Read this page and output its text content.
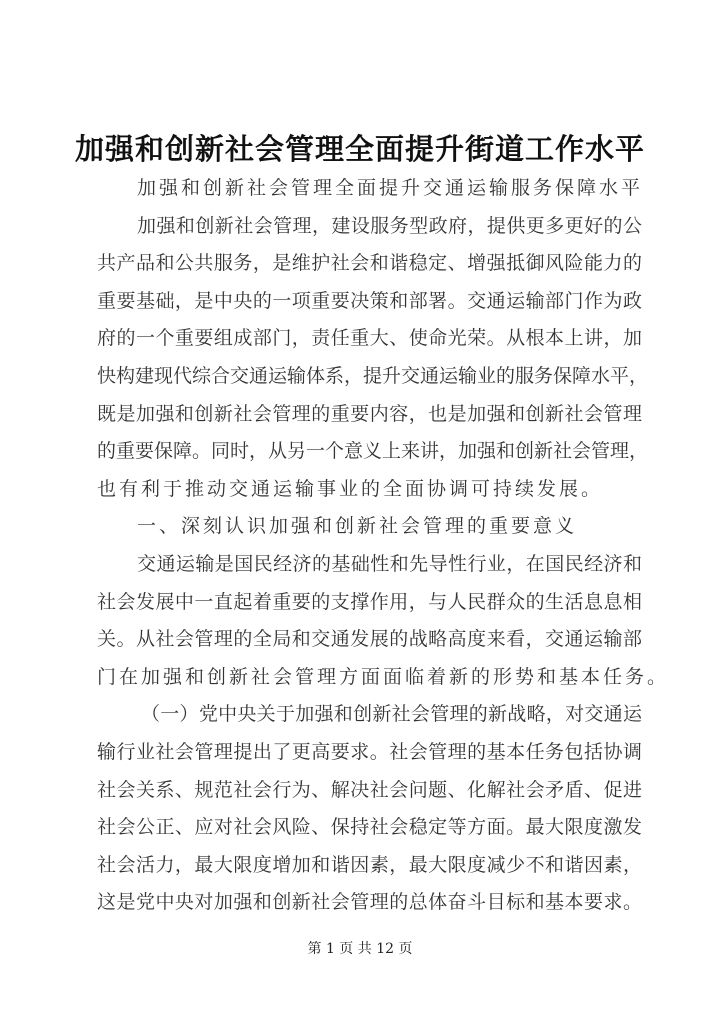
加强和创新社会管理全面提升街道工作水平
加强和创新社会管理全面提升交通运输服务保障水平
加强和创新社会管理，建设服务型政府，提供更多更好的公
共产品和公共服务，是维护社会和谐稳定、增强抵御风险能力的
重要基础，是中央的一项重要决策和部署。交通运输部门作为政
府的一个重要组成部门，责任重大、使命光荣。从根本上讲，加
快构建现代综合交通运输体系，提升交通运输业的服务保障水平，
既是加强和创新社会管理的重要内容，也是加强和创新社会管理
的重要保障。同时，从另一个意义上来讲，加强和创新社会管理，
也有利于推动交通运输事业的全面协调可持续发展。
一、深刻认识加强和创新社会管理的重要意义
交通运输是国民经济的基础性和先导性行业，在国民经济和
社会发展中一直起着重要的支撑作用，与人民群众的生活息息相
关。从社会管理的全局和交通发展的战略高度来看，交通运输部
门在加强和创新社会管理方面面临着新的形势和基本任务。
（一）党中央关于加强和创新社会管理的新战略，对交通运
输行业社会管理提出了更高要求。社会管理的基本任务包括协调
社会关系、规范社会行为、解决社会问题、化解社会矛盾、促进
社会公正、应对社会风险、保持社会稳定等方面。最大限度激发
社会活力，最大限度增加和谐因素，最大限度减少不和谐因素，
这是党中央对加强和创新社会管理的总体奋斗目标和基本要求。
第 1 页 共 12 页
